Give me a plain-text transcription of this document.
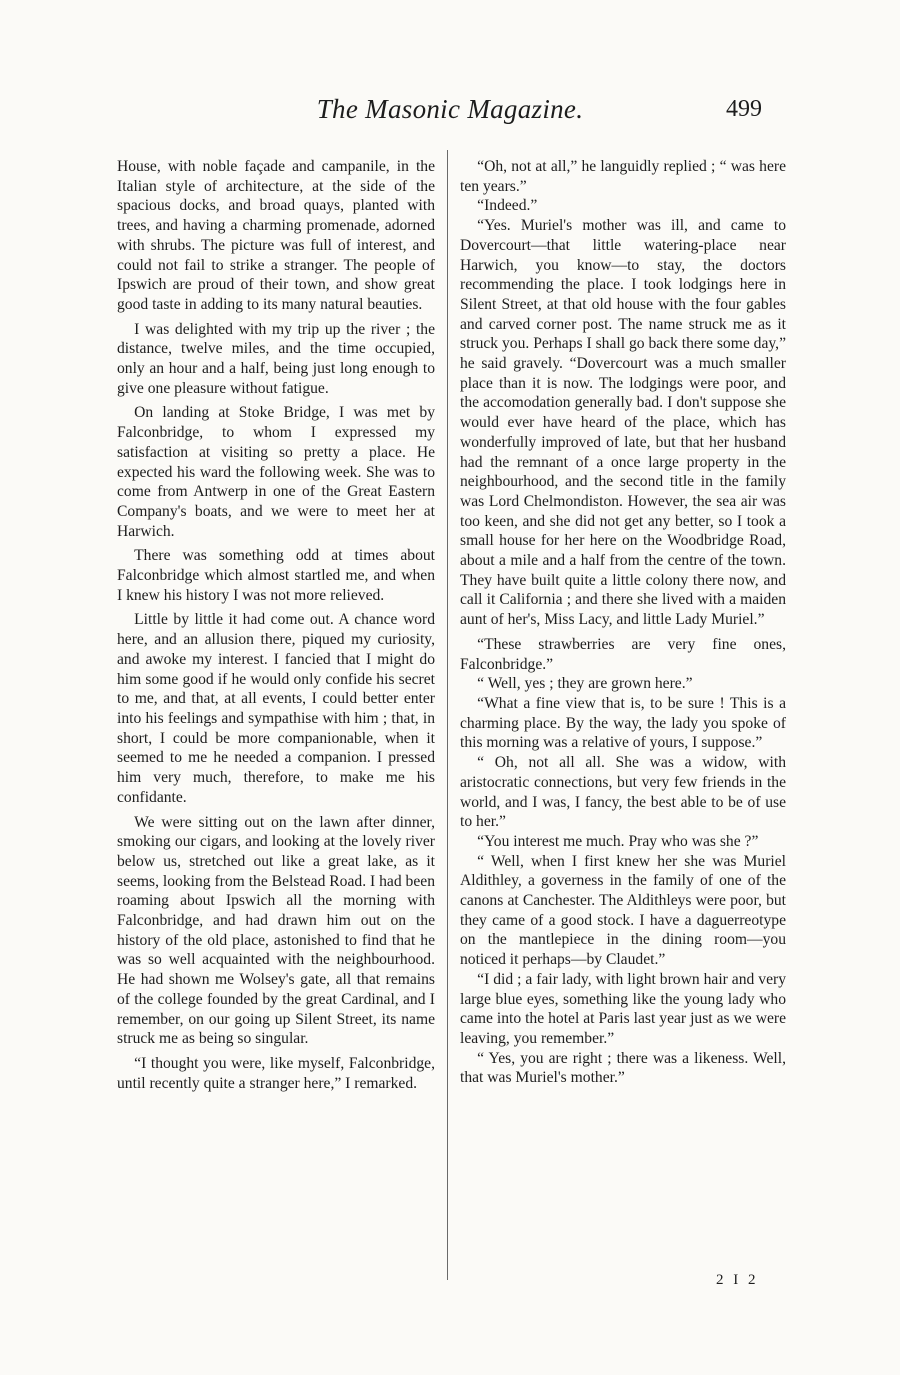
The Masonic Magazine.	499

House, with noble façade and campanile, in the Italian style of architecture, at the side of the spacious docks, and broad quays, planted with trees, and having a charming promenade, adorned with shrubs. The picture was full of interest, and could not fail to strike a stranger. The people of Ipswich are proud of their town, and show great good taste in adding to its many natural beauties.

I was delighted with my trip up the river ; the distance, twelve miles, and the time occupied, only an hour and a half, being just long enough to give one pleasure without fatigue.

On landing at Stoke Bridge, I was met by Falconbridge, to whom I expressed my satisfaction at visiting so pretty a place. He expected his ward the following week. She was to come from Antwerp in one of the Great Eastern Company's boats, and we were to meet her at Harwich.

There was something odd at times about Falconbridge which almost startled me, and when I knew his history I was not more relieved.

Little by little it had come out. A chance word here, and an allusion there, piqued my curiosity, and awoke my interest. I fancied that I might do him some good if he would only confide his secret to me, and that, at all events, I could better enter into his feelings and sympathise with him ; that, in short, I could be more companionable, when it seemed to me he needed a companion. I pressed him very much, therefore, to make me his confidante.

We were sitting out on the lawn after dinner, smoking our cigars, and looking at the lovely river below us, stretched out like a great lake, as it seems, looking from the Belstead Road. I had been roaming about Ipswich all the morning with Falconbridge, and had drawn him out on the history of the old place, astonished to find that he was so well acquainted with the neighbourhood. He had shown me Wolsey's gate, all that remains of the college founded by the great Cardinal, and I remember, on our going up Silent Street, its name struck me as being so singular.

“I thought you were, like myself, Falconbridge, until recently quite a stranger here,” I remarked.

“Oh, not at all,” he languidly replied ; “ was here ten years.”

“Indeed.”

“Yes. Muriel's mother was ill, and came to Dovercourt—that little watering-place near Harwich, you know—to stay, the doctors recommending the place. I took lodgings here in Silent Street, at that old house with the four gables and carved corner post. The name struck me as it struck you. Perhaps I shall go back there some day,” he said gravely. “Dovercourt was a much smaller place than it is now. The lodgings were poor, and the accomodation generally bad. I don't suppose she would ever have heard of the place, which has wonderfully improved of late, but that her husband had the remnant of a once large property in the neighbourhood, and the second title in the family was Lord Chelmondiston. However, the sea air was too keen, and she did not get any better, so I took a small house for her here on the Woodbridge Road, about a mile and a half from the centre of the town. They have built quite a little colony there now, and call it California ; and there she lived with a maiden aunt of her's, Miss Lacy, and little Lady Muriel.”

“These strawberries are very fine ones, Falconbridge.”

“ Well, yes ; they are grown here.”

“What a fine view that is, to be sure ! This is a charming place. By the way, the lady you spoke of this morning was a relative of yours, I suppose.”

“ Oh, not all all. She was a widow, with aristocratic connections, but very few friends in the world, and I was, I fancy, the best able to be of use to her.”

“You interest me much. Pray who was she ?”

“ Well, when I first knew her she was Muriel Aldithley, a governess in the family of one of the canons at Canchester. The Aldithleys were poor, but they came of a good stock. I have a daguerreotype on the mantlepiece in the dining room—you noticed it perhaps—by Claudet.”

“I did ; a fair lady, with light brown hair and very large blue eyes, something like the young lady who came into the hotel at Paris last year just as we were leaving, you remember.”

“ Yes, you are right ; there was a likeness. Well, that was Muriel's mother.”

2 I 2
